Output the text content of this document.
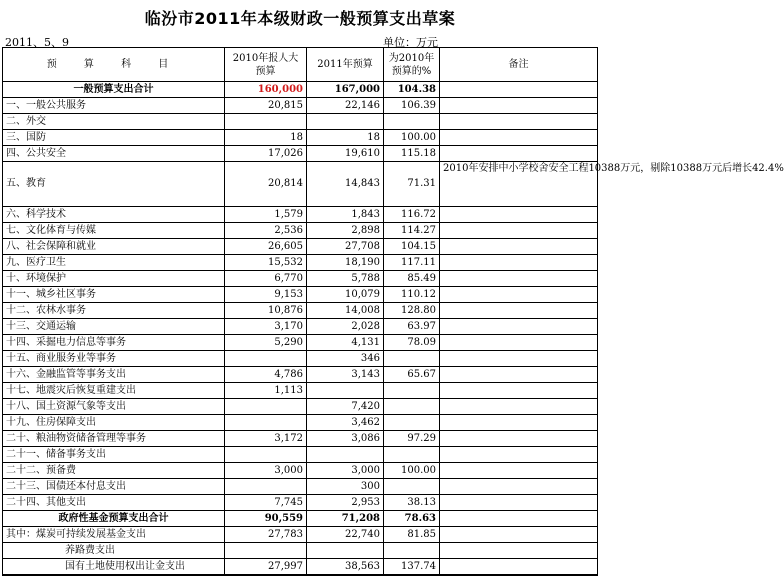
临汾市2011年本级财政一般预算支出草案
2011、5、9	单位：万元
预 算 科 目	2010年报人大预算	2011年预算	为2010年预算的%	备注
一般预算支出合计	160,000	167,000	104.38	
一、一般公共服务	20,815	22,146	106.39	
二、外交				
三、国防	18	18	100.00	
四、公共安全	17,026	19,610	115.18	
五、教育	20,814	14,843	71.31	2010年安排中小学校舍安全工程10388万元，剔除10388万元后增长42.4%
六、科学技术	1,579	1,843	116.72	
七、文化体育与传媒	2,536	2,898	114.27	
八、社会保障和就业	26,605	27,708	104.15	
九、医疗卫生	15,532	18,190	117.11	
十、环境保护	6,770	5,788	85.49	
十一、城乡社区事务	9,153	10,079	110.12	
十二、农林水事务	10,876	14,008	128.80	
十三、交通运输	3,170	2,028	63.97	
十四、采掘电力信息等事务	5,290	4,131	78.09	
十五、商业服务业等事务		346		
十六、金融监管等事务支出	4,786	3,143	65.67	
十七、地震灾后恢复重建支出	1,113			
十八、国土资源气象等支出		7,420		
十九、住房保障支出		3,462		
二十、粮油物资储备管理等事务	3,172	3,086	97.29	
二十一、储备事务支出				
二十二、预备费	3,000	3,000	100.00	
二十三、国债还本付息支出		300		
二十四、其他支出	7,745	2,953	38.13	
政府性基金预算支出合计	90,559	71,208	78.63	
其中：煤炭可持续发展基金支出	27,783	22,740	81.85	
养路费支出				
国有土地使用权出让金支出	27,997	38,563	137.74	
